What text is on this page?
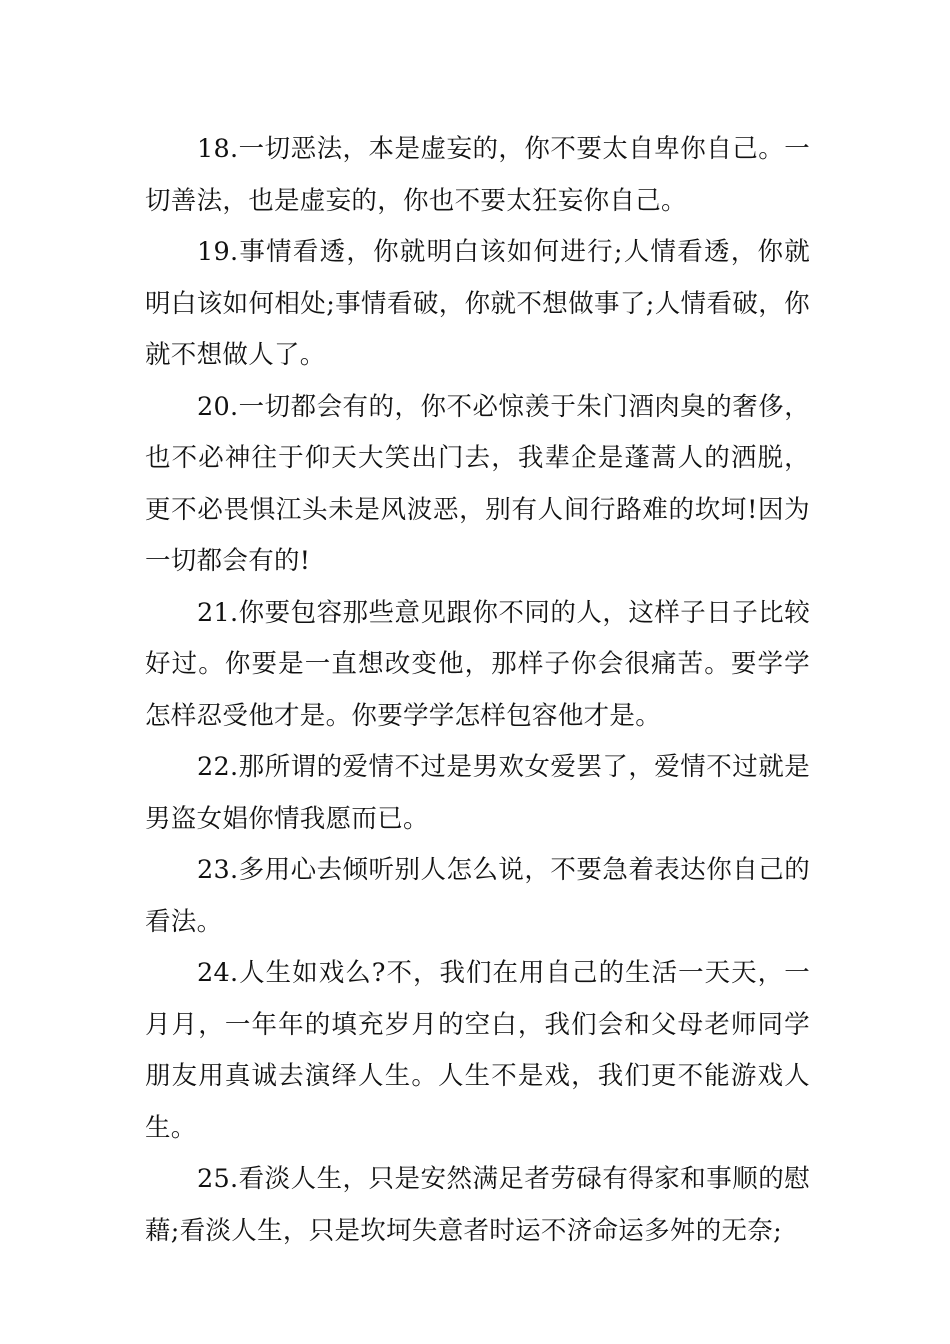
18.一切恶法，本是虚妄的，你不要太自卑你自己。一切善法，也是虚妄的，你也不要太狂妄你自己。

19.事情看透，你就明白该如何进行;人情看透，你就明白该如何相处;事情看破，你就不想做事了;人情看破，你就不想做人了。

20.一切都会有的，你不必惊羡于朱门酒肉臭的奢侈，也不必神往于仰天大笑出门去，我辈企是蓬蒿人的洒脱，更不必畏惧江头未是风波恶，别有人间行路难的坎坷!因为一切都会有的!

21.你要包容那些意见跟你不同的人，这样子日子比较好过。你要是一直想改变他，那样子你会很痛苦。要学学怎样忍受他才是。你要学学怎样包容他才是。

22.那所谓的爱情不过是男欢女爱罢了，爱情不过就是男盗女娼你情我愿而已。

23.多用心去倾听别人怎么说，不要急着表达你自己的看法。

24.人生如戏么?不，我们在用自己的生活一天天，一月月，一年年的填充岁月的空白，我们会和父母老师同学朋友用真诚去演绎人生。人生不是戏，我们更不能游戏人生。

25.看淡人生，只是安然满足者劳碌有得家和事顺的慰藉;看淡人生，只是坎坷失意者时运不济命运多舛的无奈;
